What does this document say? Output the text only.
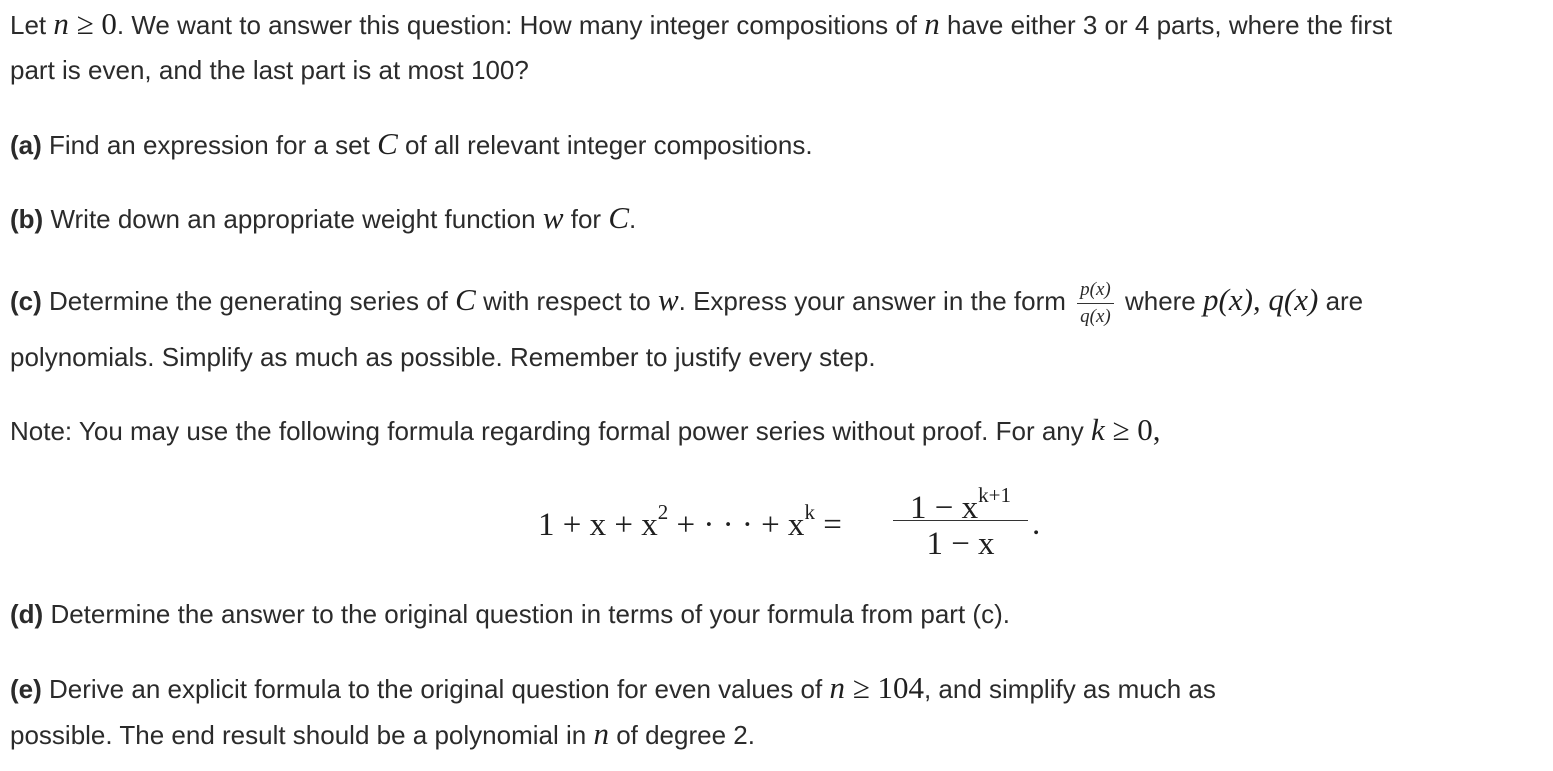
Let n ≥ 0. We want to answer this question: How many integer compositions of n have either 3 or 4 parts, where the first

part is even, and the last part is at most 100?

(a) Find an expression for a set C of all relevant integer compositions.

(b) Write down an appropriate weight function w for C.

(c) Determine the generating series of C with respect to w. Express your answer in the form $\frac{p(x)}{q(x)}$ where p(x), q(x) are

polynomials. Simplify as much as possible. Remember to justify every step.

Note: You may use the following formula regarding formal power series without proof. For any k ≥ 0,

$1 + x + x^2$ + · · · + $x^k = \frac{1 - x^{k+1}}{1 - x}$ .

(d) Determine the answer to the original question in terms of your formula from part (c).

(e) Derive an explicit formula to the original question for even values of n ≥ 104, and simplify as much as

possible. The end result should be a polynomial in n of degree 2.
